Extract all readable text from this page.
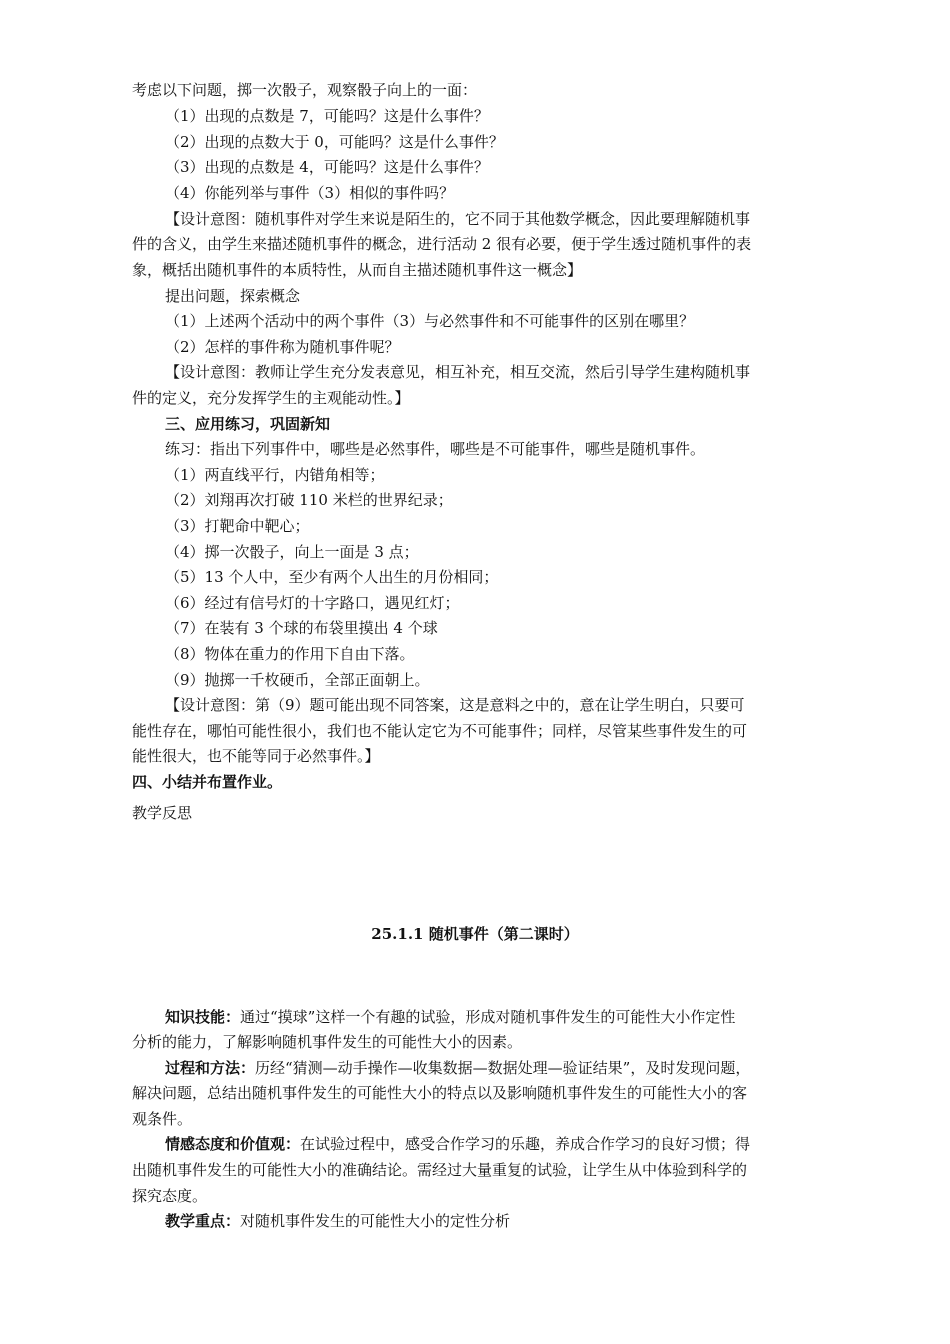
考虑以下问题，掷一次骰子，观察骰子向上的一面：
（1）出现的点数是 7，可能吗？这是什么事件？
（2）出现的点数大于 0，可能吗？这是什么事件？
（3）出现的点数是 4，可能吗？这是什么事件？
（4）你能列举与事件（3）相似的事件吗？
【设计意图：随机事件对学生来说是陌生的，它不同于其他数学概念，因此要理解随机事
件的含义，由学生来描述随机事件的概念，进行活动 2 很有必要，便于学生透过随机事件的表
象，概括出随机事件的本质特性，从而自主描述随机事件这一概念】
提出问题，探索概念
（1）上述两个活动中的两个事件（3）与必然事件和不可能事件的区别在哪里？
（2）怎样的事件称为随机事件呢？
【设计意图：教师让学生充分发表意见，相互补充，相互交流，然后引导学生建构随机事
件的定义，充分发挥学生的主观能动性。】
三、应用练习，巩固新知
练习：指出下列事件中，哪些是必然事件，哪些是不可能事件，哪些是随机事件。
（1）两直线平行，内错角相等；
（2）刘翔再次打破 110 米栏的世界纪录；
（3）打靶命中靶心；
（4）掷一次骰子，向上一面是 3 点；
（5）13 个人中，至少有两个人出生的月份相同；
（6）经过有信号灯的十字路口，遇见红灯；
（7）在装有 3 个球的布袋里摸出 4 个球
（8）物体在重力的作用下自由下落。
（9）抛掷一千枚硬币，全部正面朝上。
【设计意图：第（9）题可能出现不同答案，这是意料之中的，意在让学生明白，只要可
能性存在，哪怕可能性很小，我们也不能认定它为不可能事件；同样，尽管某些事件发生的可
能性很大，也不能等同于必然事件。】
四、小结并布置作业。
教学反思
25.1.1 随机事件（第二课时）
知识技能：通过“摸球”这样一个有趣的试验，形成对随机事件发生的可能性大小作定性
分析的能力，了解影响随机事件发生的可能性大小的因素。
过程和方法：历经“猜测—动手操作—收集数据—数据处理—验证结果”，及时发现问题，
解决问题，总结出随机事件发生的可能性大小的特点以及影响随机事件发生的可能性大小的客
观条件。
情感态度和价值观：在试验过程中，感受合作学习的乐趣，养成合作学习的良好习惯；得
出随机事件发生的可能性大小的准确结论。需经过大量重复的试验，让学生从中体验到科学的
探究态度。
教学重点：对随机事件发生的可能性大小的定性分析
